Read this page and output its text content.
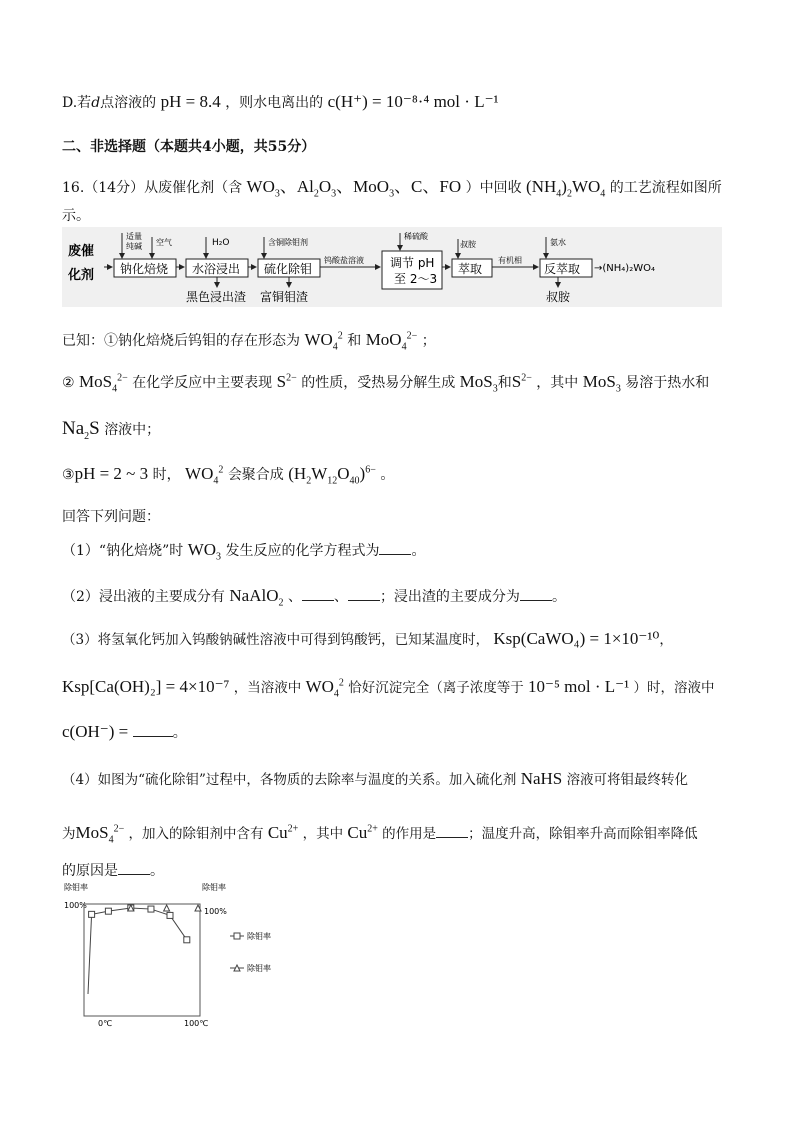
D.若d点溶液的 pH = 8.4 ，则水电离出的 c(H⁺) = 10⁻⁸·⁴ mol · L⁻¹
二、非选择题（本题共4小题，共55分）
16.（14分）从废催化剂（含 $WO_3$、$Al_2O_3$、MoO$_3$、C、FO ）中回收 $(NH_4)_2WO_4$ 的工艺流程如图所
示。
废催
化剂 钠化焙烧
适量
纯碱 空气
水浴浸出
H₂O
黑色浸出渣
硫化除钼
含铜除钼剂
富铜钼渣
钨酸盐溶液 调节 pH
至 2～3
稀硫酸
萃取
叔胺
有机相
反萃取
氨水
叔胺
→(NH₄)₂WO₄
已知：①钠化焙烧后钨钼的存在形态为 $WO_4^2$ 和 MoO$_4^{2-}$ ；
② MoS$_4^{2-}$ 在化学反应中主要表现 $S^{2-}$ 的性质，受热易分解生成 MoS$_3$和$S^{2-}$ ，其中 MoS$_3$ 易溶于热水和
$Na_2S$ 溶液中；
③pH = 2 ~ 3 时， $WO_4^2$ 会聚合成 $(H_2W_{12}O_{40})^{6-}$ 。
回答下列问题：
（1）“钠化焙烧”时 $WO_3$ 发生反应的化学方程式为 。
（2）浸出液的主要成分有 NaAlO$_2$ 、 、 ；浸出渣的主要成分为 。
（3）将氢氧化钙加入钨酸钠碱性溶液中可得到钨酸钙，已知某温度时， Ksp(CaWO₄) = 1×10⁻¹⁰，
Ksp[Ca(OH)₂] = 4×10⁻⁷ ，当溶液中 $WO_4^2$ 恰好沉淀完全（离子浓度等于 10⁻⁵ mol · L⁻¹ ）时，溶液中
c(OH⁻) =	。
（4）如图为“硫化除钼”过程中，各物质的去除率与温度的关系。加入硫化剂 NaHS 溶液可将钼最终转化
为MoS$_4^{2-}$ ，加入的除钼剂中含有 $Cu^{2+}$ ，其中 $Cu^{2+}$ 的作用是 ；温度升高，除钼率升高而除钼率降低
的原因是 。
除钼率	除钼率
100%
100%
0℃	100℃
除钼率
除钼率
